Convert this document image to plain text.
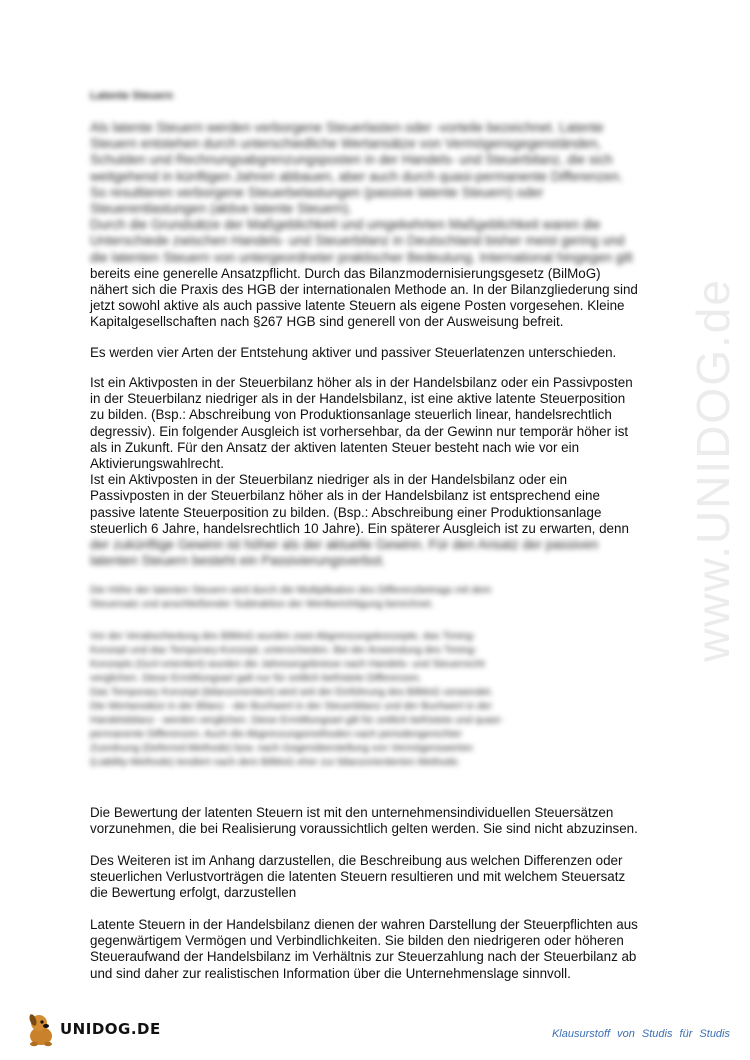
www.UNIDOG.de
Latente Steuern
Als latente Steuern werden verborgene Steuerlasten oder -vorteile bezeichnet. Latente
Steuern entstehen durch unterschiedliche Wertansätze von Vermögensgegenständen,
Schulden und Rechnungsabgrenzungsposten in der Handels- und Steuerbilanz, die sich
weitgehend in künftigen Jahren abbauen, aber auch durch quasi-permanente Differenzen.
So resultieren verborgene Steuerbelastungen (passive latente Steuern) oder
Steuerentlastungen (aktive latente Steuern).
Durch die Grundsätze der Maßgeblichkeit und umgekehrten Maßgeblichkeit waren die
Unterschiede zwischen Handels- und Steuerbilanz in Deutschland bisher meist gering und
die latenten Steuern von untergeordneter praktischer Bedeutung. International hingegen gilt
bereits eine generelle Ansatzpflicht. Durch das Bilanzmodernisierungsgesetz (BilMoG)
nähert sich die Praxis des HGB der internationalen Methode an. In der Bilanzgliederung sind
jetzt sowohl aktive als auch passive latente Steuern als eigene Posten vorgesehen. Kleine
Kapitalgesellschaften nach §267 HGB sind generell von der Ausweisung befreit.
Es werden vier Arten der Entstehung aktiver und passiver Steuerlatenzen unterschieden.
Ist ein Aktivposten in der Steuerbilanz höher als in der Handelsbilanz oder ein Passivposten
in der Steuerbilanz niedriger als in der Handelsbilanz, ist eine aktive latente Steuerposition
zu bilden. (Bsp.: Abschreibung von Produktionsanlage steuerlich linear, handelsrechtlich
degressiv). Ein folgender Ausgleich ist vorhersehbar, da der Gewinn nur temporär höher ist
als in Zukunft. Für den Ansatz der aktiven latenten Steuer besteht nach wie vor ein
Aktivierungswahlrecht.
Ist ein Aktivposten in der Steuerbilanz niedriger als in der Handelsbilanz oder ein
Passivposten in der Steuerbilanz höher als in der Handelsbilanz ist entsprechend eine
passive latente Steuerposition zu bilden. (Bsp.: Abschreibung einer Produktionsanlage
steuerlich 6 Jahre, handelsrechtlich 10 Jahre). Ein späterer Ausgleich ist zu erwarten, denn
der zukünftige Gewinn ist höher als der aktuelle Gewinn. Für den Ansatz der passiven
latenten Steuern besteht ein Passivierungsverbot.
Die Höhe der latenten Steuern wird durch die Multiplikation des Differenzbetrags mit dem
Steuersatz und anschließender Subtraktion der Wertberichtigung berechnet.
Vor der Verabschiedung des BilMoG wurden zwei Abgrenzungskonzepte, das Timing-
Konzept und das Temporary-Konzept, unterschieden. Bei der Anwendung des Timing-
Konzepts (GuV-orientiert) wurden die Jahresergebnisse nach Handels- und Steuerrecht
verglichen. Diese Ermittlungsart galt nur für zeitlich befristete Differenzen.
Das Temporary Konzept (bilanzorientiert) wird seit der Einführung des BilMoG verwendet.
Die Wertansätze in der Bilanz - der Buchwert in der Steuerbilanz und der Buchwert in der
Handelsbilanz - werden verglichen. Diese Ermittlungsart gilt für zeitlich befristete und quasi-
permanente Differenzen. Auch die Abgrenzungsmethoden nach periodengerechter
Zuordnung (Deferred-Methode) bzw. nach Gegenüberstellung von Vermögenswerten
(Liability-Methode) tendiert nach dem BilMoG eher zur bilanzorientierten Methode.
Die Bewertung der latenten Steuern ist mit den unternehmensindividuellen Steuersätzen
vorzunehmen, die bei Realisierung voraussichtlich gelten werden. Sie sind nicht abzuzinsen.
Des Weiteren ist im Anhang darzustellen, die Beschreibung aus welchen Differenzen oder
steuerlichen Verlustvorträgen die latenten Steuern resultieren und mit welchem Steuersatz
die Bewertung erfolgt, darzustellen
Latente Steuern in der Handelsbilanz dienen der wahren Darstellung der Steuerpflichten aus
gegenwärtigem Vermögen und Verbindlichkeiten. Sie bilden den niedrigeren oder höheren
Steueraufwand der Handelsbilanz im Verhältnis zur Steuerzahlung nach der Steuerbilanz ab
und sind daher zur realistischen Information über die Unternehmenslage sinnvoll.
UNIDOG.DE	Klausurstoff von Studis für Studis
